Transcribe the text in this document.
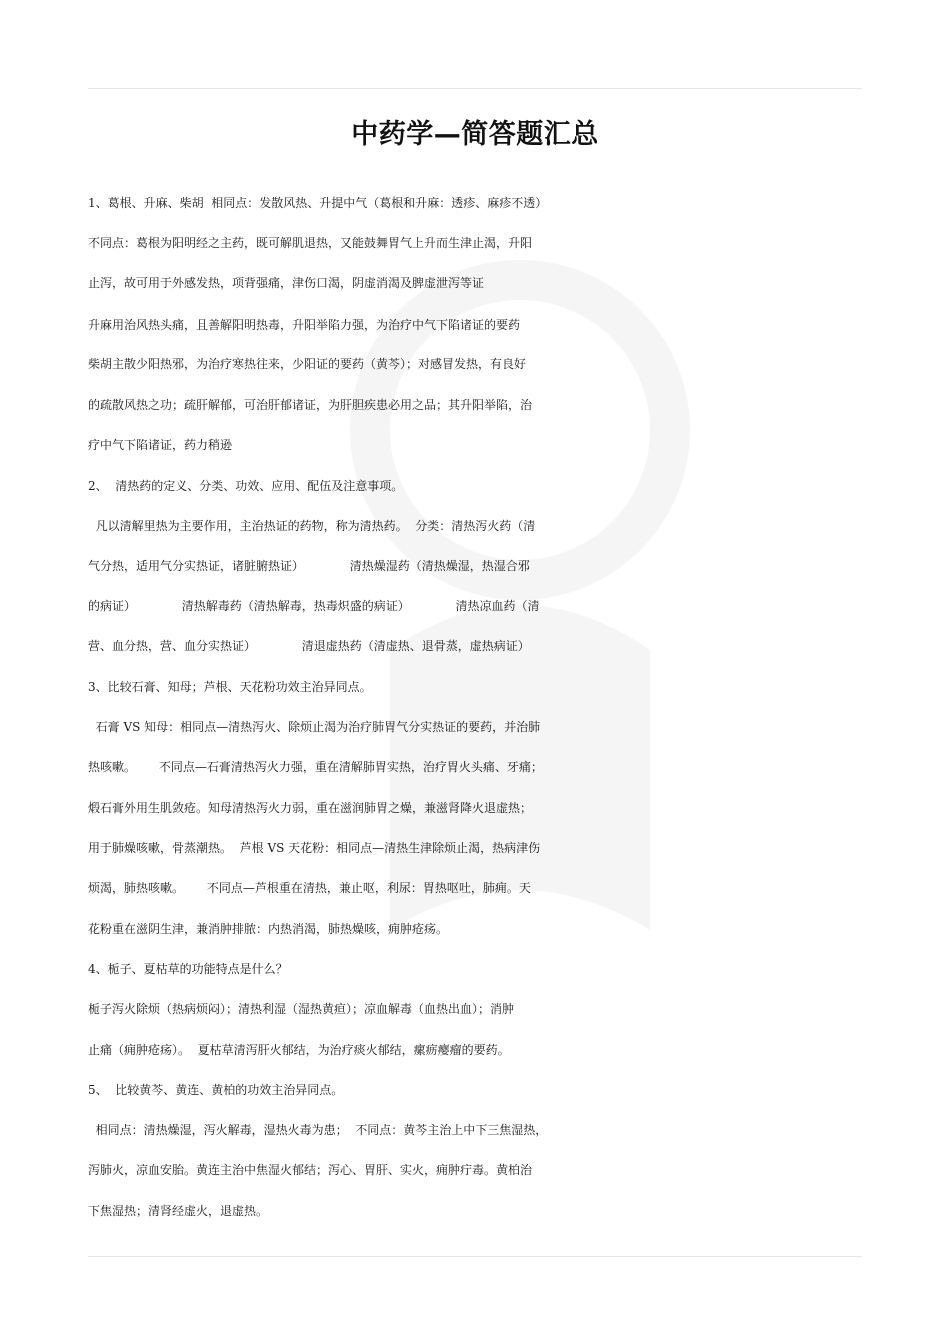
中药学—简答题汇总
1、葛根、升麻、柴胡  相同点：发散风热、升提中气（葛根和升麻：透疹、麻疹不透）
不同点：葛根为阳明经之主药，既可解肌退热，又能鼓舞胃气上升而生津止渴，升阳
止泻，故可用于外感发热，项背强痛，津伤口渴，阴虚消渴及脾虚泄泻等证
升麻用治风热头痛，且善解阳明热毒，升阳举陷力强，为治疗中气下陷诸证的要药
柴胡主散少阳热邪，为治疗寒热往来，少阳证的要药（黄芩）；对感冒发热，有良好
的疏散风热之功；疏肝解郁，可治肝郁诸证，为肝胆疾患必用之品；其升阳举陷，治
疗中气下陷诸证，药力稍逊
2、  清热药的定义、分类、功效、应用、配伍及注意事项。
凡以清解里热为主要作用，主治热证的药物，称为清热药。  分类：清热泻火药（清
气分热，适用气分实热证，诸脏腑热证）            清热燥湿药（清热燥湿，热湿合邪
的病证）            清热解毒药（清热解毒，热毒炽盛的病证）            清热凉血药（清
营、血分热，营、血分实热证）            清退虚热药（清虚热、退骨蒸，虚热病证）
3、比较石膏、知母；芦根、天花粉功效主治异同点。
石膏 VS 知母：相同点—清热泻火、除烦止渴为治疗肺胃气分实热证的要药，并治肺
热咳嗽。      不同点—石膏清热泻火力强，重在清解肺胃实热，治疗胃火头痛、牙痛；
煅石膏外用生肌敛疮。知母清热泻火力弱，重在滋润肺胃之燥，兼滋肾降火退虚热；
用于肺燥咳嗽，骨蒸潮热。  芦根 VS 天花粉：相同点—清热生津除烦止渴，热病津伤
烦渴，肺热咳嗽。      不同点—芦根重在清热，兼止呕，利尿：胃热呕吐，肺痈。天
花粉重在滋阴生津，兼消肿排脓：内热消渴，肺热燥咳，痈肿疮疡。
4、栀子、夏枯草的功能特点是什么？
栀子泻火除烦（热病烦闷）；清热利湿（湿热黄疸）；凉血解毒（血热出血）；消肿
止痛（痈肿疮疡）。  夏枯草清泻肝火郁结，为治疗痰火郁结，瘰疬瘿瘤的要药。
5、  比较黄芩、黄连、黄柏的功效主治异同点。
相同点：清热燥湿，泻火解毒，湿热火毒为患；  不同点：黄芩主治上中下三焦湿热，
泻肺火，凉血安胎。黄连主治中焦湿火郁结；泻心、胃肝、实火，痈肿疔毒。黄柏治
下焦湿热；清肾经虚火，退虚热。
